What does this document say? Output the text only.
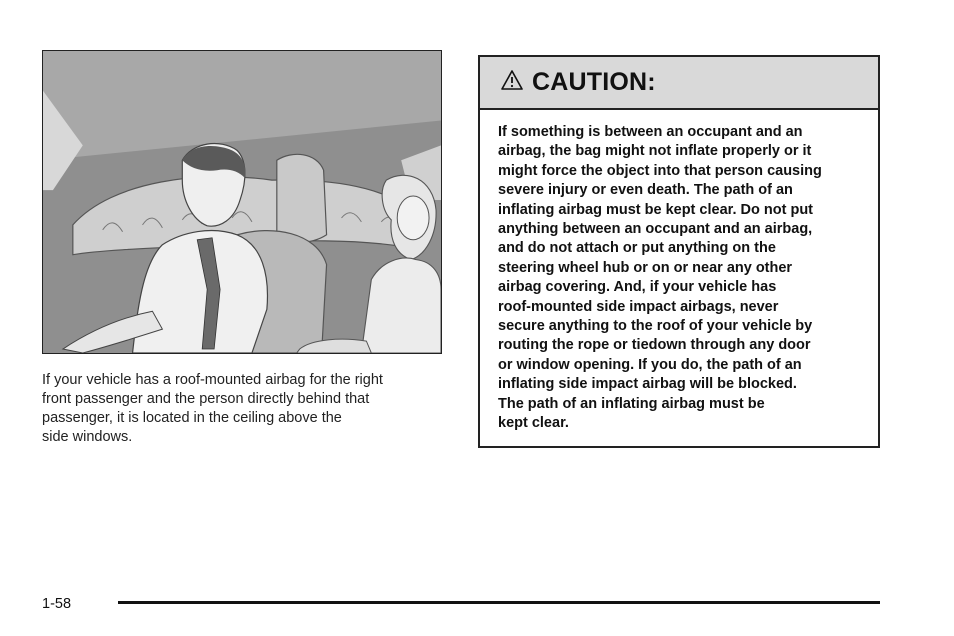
If your vehicle has a roof-mounted airbag for the right
front passenger and the person directly behind that
passenger, it is located in the ceiling above the
side windows.
CAUTION:
If something is between an occupant and an
airbag, the bag might not inflate properly or it
might force the object into that person causing
severe injury or even death. The path of an
inflating airbag must be kept clear. Do not put
anything between an occupant and an airbag,
and do not attach or put anything on the
steering wheel hub or on or near any other
airbag covering. And, if your vehicle has
roof-mounted side impact airbags, never
secure anything to the roof of your vehicle by
routing the rope or tiedown through any door
or window opening. If you do, the path of an
inflating side impact airbag will be blocked.
The path of an inflating airbag must be
kept clear.
1-58
